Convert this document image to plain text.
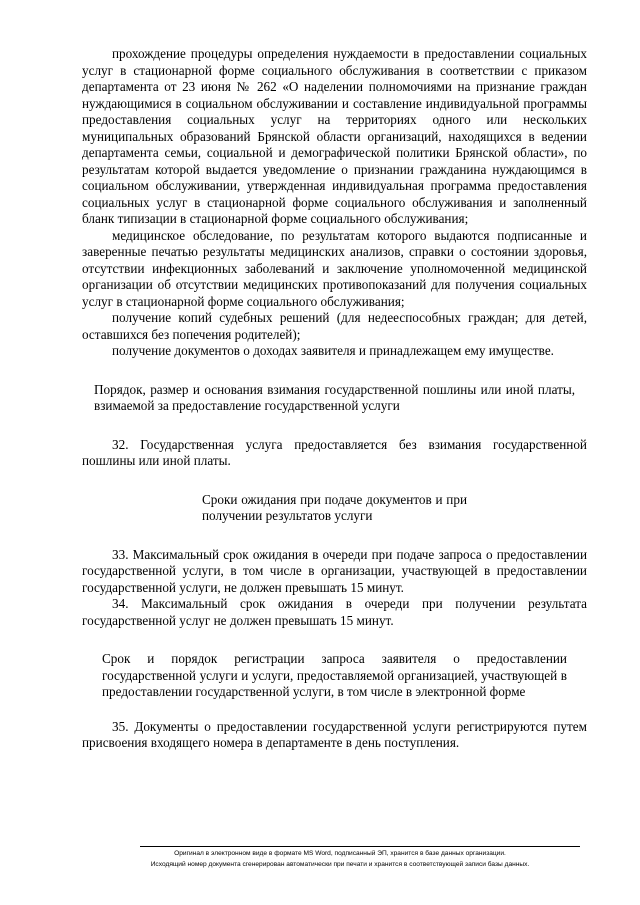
прохождение процедуры определения нуждаемости в предоставлении социальных услуг в стационарной форме социального обслуживания в соответствии с приказом департамента от 23 июня № 262 «О наделении полномочиями на признание граждан нуждающимися в социальном обслуживании и составление индивидуальной программы предоставления социальных услуг на территориях одного или нескольких муниципальных образований Брянской области организаций, находящихся в ведении департамента семьи, социальной и демографической политики Брянской области», по результатам которой выдается уведомление о признании гражданина нуждающимся в социальном обслуживании, утвержденная индивидуальная программа предоставления социальных услуг в стационарной форме социального обслуживания и заполненный бланк типизации в стационарной форме социального обслуживания;

медицинское обследование, по результатам которого выдаются подписанные и заверенные печатью результаты медицинских анализов, справки о состоянии здоровья, отсутствии инфекционных заболеваний и заключение уполномоченной медицинской организации об отсутствии медицинских противопоказаний для получения социальных услуг в стационарной форме социального обслуживания;

получение копий судебных решений (для недееспособных граждан; для детей, оставшихся без попечения родителей);

получение документов о доходах заявителя и принадлежащем ему имуществе.

Порядок, размер и основания взимания государственной пошлины или иной платы, взимаемой за предоставление государственной услуги

32. Государственная услуга предоставляется без взимания государственной пошлины или иной платы.

Сроки ожидания при подаче документов и при получении результатов услуги

33. Максимальный срок ожидания в очереди при подаче запроса о предоставлении государственной услуги, в том числе в организации, участвующей в предоставлении государственной услуги, не должен превышать 15 минут.

34. Максимальный срок ожидания в очереди при получении результата государственной услуг не должен превышать 15 минут.

Срок и порядок регистрации запроса заявителя о предоставлении государственной услуги и услуги, предоставляемой организацией, участвующей в предоставлении государственной услуги, в том числе в электронной форме

35. Документы о предоставлении государственной услуги регистрируются путем присвоения входящего номера в департаменте в день поступления.

Оригинал в электронном виде в формате MS Word, подписанный ЭП, хранится в базе данных организации.
Исходящий номер документа сгенерирован автоматически при печати и хранится в соответствующей записи базы данных.
